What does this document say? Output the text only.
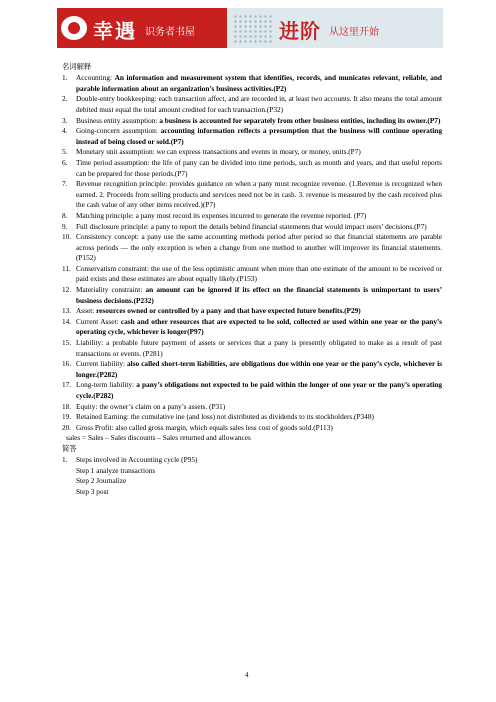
幸遇 识务者书屋	进阶 从这里开始
名词解释
1. Accounting: An information and measurement system that identifies, records, and municates relevant, reliable, and parable information about an organization’s business activities.(P2)
2. Double-entry bookkeeping: each transaction affect, and are recorded in, at least two accounts. It also means the total amount debited must equal the total amount credited for each transaction.(P32)
3. Business entity assumption: a business is accounted for separately from other business entities, including its owner.(P7)
4. Going-concern assumption: accounting information reflects a presumption that the business will continue operating instead of being closed or sold.(P7)
5. Monetary unit assumption: we can express transactions and events in moary, or money, units.(P7)
6. Time period assumption: the life of pany can be divided into time periods, such as month and years, and that useful reports can be prepared for those periods.(P7)
7. Revenue recognition principle: provides guidance on when a pany must recognize revenue. (1.Revenue is recognized when earned. 2. Proceeds from selling products and services need not be in cash. 3. revenue is measured by the cash received plus the cash value of any other items received.)(P7)
8. Matching principle: a pany must record its expenses incurred to generate the revenue reported. (P7)
9. Full disclosure principle: a pany to report the details behind financial statements that would impact users’ decisions.(P7)
10. Consistency concept: a pany use the same accounting methods period after period so that financial statements are parable across periods — the only exception is when a change from one method to another will improver its financial statements.(P152)
11. Conservatism constraint: the use of the less optimistic amount when more than one estimate of the amount to be received or paid exists and these estimates are about equally likely.(P153)
12. Materiality constraint: an amount can be ignored if its effect on the financial statements is unimportant to users’ business decisions.(P232)
13. Asset: resources owned or controlled by a pany and that have expected future benefits.(P29)
14. Current Asset: cash and other resources that are expected to be sold, collected or used within one year or the pany’s operating cycle, whichever is longer(P97)
15. Liability: a probable future payment of assets or services that a pany is presently obligated to make as a result of past transactions or events. (P281)
16. Current liability: also called short-term liabilities, are obligations due within one year or the pany’s cycle, whichever is longer.(P282)
17. Long-term liability: a pany’s obligations not expected to be paid within the longer of one year or the pany’s operating cycle.(P282)
18. Equity: the owner’s claim on a pany’s assets. (P31)
19. Retained Earning: the cumulative ine (and loss) not distributed as dividends to its stockholders.(P348)
20. Gross Profit: also called gross margin, which equals sales less cost of goods sold.(P113)
sales = Sales – Sales discounts – Sales returned and allowances
简答
1. Steps involved in Accounting cycle (P95)
Step 1 analyze transactions
Step 2 Journalize
Step 3 post
4
